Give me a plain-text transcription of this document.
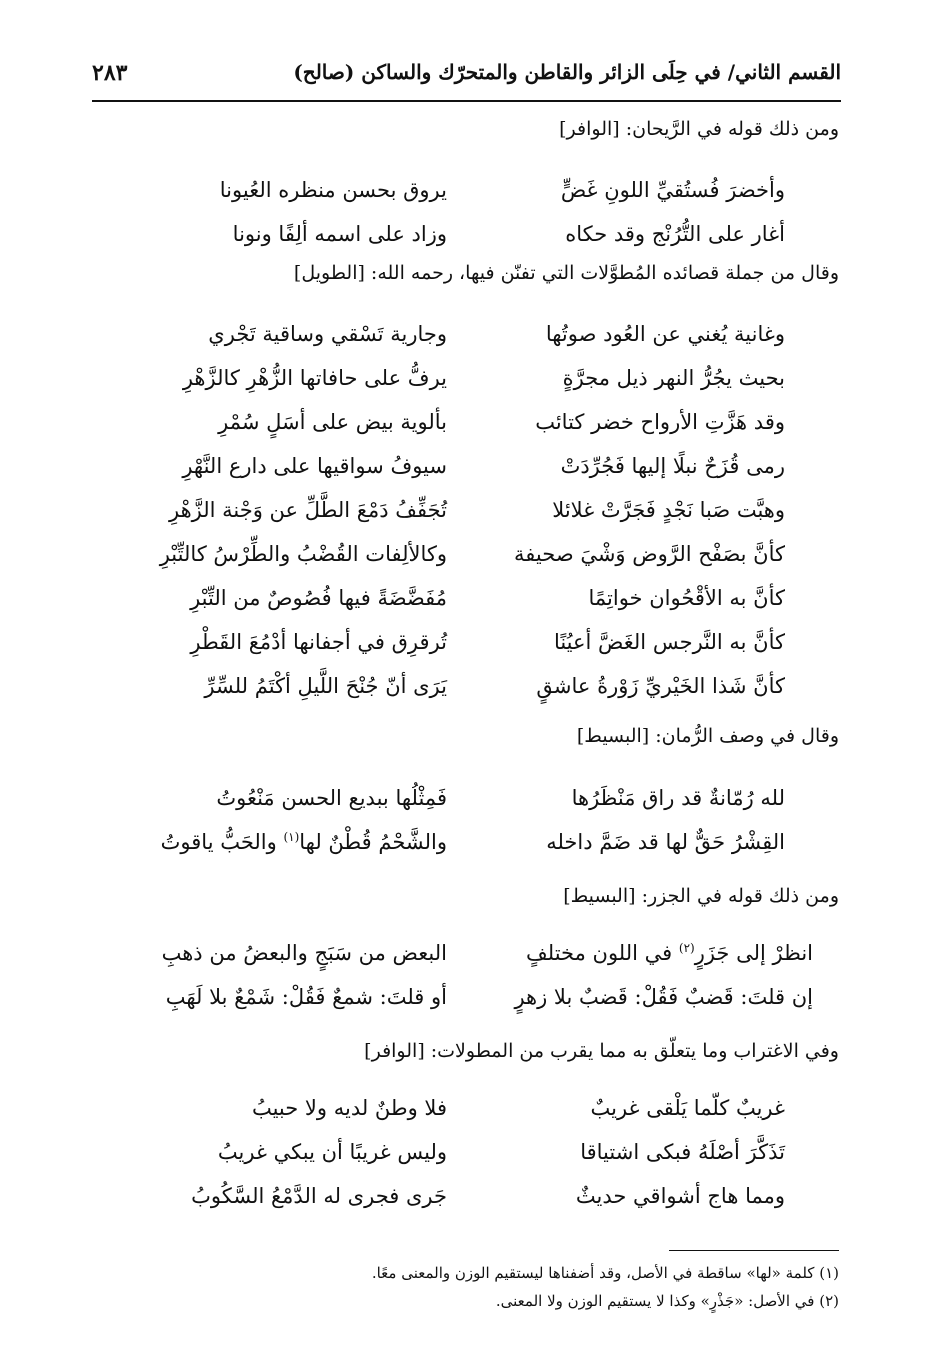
القسم الثاني/ في حِلَى الزائر والقاطن والمتحرّك والساكن (صالح)
٢٨٣
ومن ذلك قوله في الرَّيحان: [الوافر]
وأخضرَ فُستُقيِّ اللونِ غَضٍّ
يروق بحسن منظره العُيونا
أغار على التُّرُنْج وقد حكاه
وزاد على اسمه ألِفًا ونونا
وقال من جملة قصائده المُطوَّلات التي تفنّن فيها، رحمه الله: [الطويل]
وغانية يُغني عن العُود صوتُها
وجارية تَسْقي وساقية تَجْري
بحيث يجُرُّ النهر ذيل مجرَّةٍ
يرفُّ على حافاتها الزُّهْرِ كالزَّهْرِ
وقد هَزَّتِ الأرواح خضر كتائب
بألوية بيض على أسَلٍ سُمْرِ
رمى قُزَحٌ نبلًا إليها فَجُرِّدَتْ
سيوفُ سواقيها على دارع النَّهْرِ
وهبَّت صَبا نَجْدٍ فَجَرَّتْ غلائلا
تُجَفِّفُ دَمْعَ الطَّلِّ عن وَجْنة الزَّهْرِ
كأنَّ بصَفْح الرَّوض وَشْيَ صحيفة
وكالألِفات القُضْبُ والطِّرْسُ كالتِّبْرِ
كأنَّ به الأقْحُوان خواتِمًا
مُفَضَّضَةً فيها فُصُوصٌ من التِّبْرِ
كأنَّ به النَّرجس الغَضَّ أعيُنًا
تُرقرِق في أجفانها أدْمُعَ القَطْرِ
كأنَّ شَذا الخَيْريِّ زَوْرةُ عاشقٍ
يَرَى أنّ جُنْحَ اللَّيلِ أكْتَمُ للسِّرِّ
وقال في وصف الرُّمان: [البسيط]
لله رُمّانةٌ قد راق مَنْظَرُها
فَمِثْلُها ببديع الحسن مَنْعُوتُ
القِشْرُ حَقٌّ لها قد ضَمَّ داخله
والشَّحْمُ قُطْنٌ لها$^{(١)}$ والحَبُّ ياقوتُ
ومن ذلك قوله في الجزر: [البسيط]
انظرْ إلى جَزَرٍ$^{(٢)}$ في اللون مختلفٍ
البعض من سَبَجٍ والبعضُ من ذهبِ
إن قلتَ: قَضبٌ فَقُلْ: قَضبٌ بلا زهرٍ
أو قلتَ: شمعٌ فَقُلْ: شَمْعٌ بلا لَهَبِ
وفي الاغتراب وما يتعلّق به مما يقرب من المطولات: [الوافر]
غريبٌ كلّما يَلْقى غريبٌ
فلا وطنٌ لديه ولا حبيبُ
تَذَكَّرَ أصْلَهُ فبكى اشتياقا
وليس غريبًا أن يبكي غريبُ
ومما هاج أشواقي حديثٌ
جَرى فجرى له الدَّمْعُ السَّكُوبُ
(١) كلمة «لها» ساقطة في الأصل، وقد أضفناها ليستقيم الوزن والمعنى معًا.
(٢) في الأصل: «جَذْرٍ» وكذا لا يستقيم الوزن ولا المعنى.
